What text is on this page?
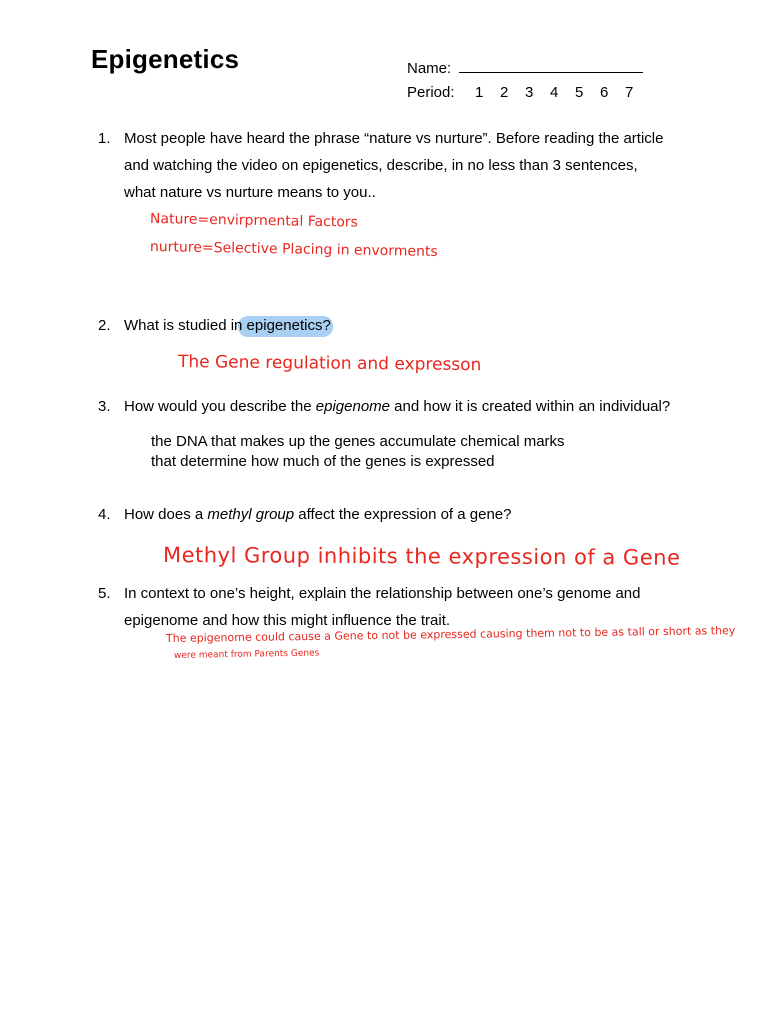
Epigenetics	Name:
Period: 1 2 3 4 5 6 7
1. Most people have heard the phrase “nature vs nurture”. Before reading the article
and watching the video on epigenetics, describe, in no less than 3 sentences,
what nature vs nurture means to you..
Nature=envirprnental Factors
nurture=Selective Placing in envorments
2. What is studied in epigenetics?
The Gene regulation and expresson
3. How would you describe the epigenome and how it is created within an individual?
the DNA that makes up the genes accumulate chemical marks that determine how much of the genes is expressed
4. How does a methyl group affect the expression of a gene?
Methyl Group inhibits the expression of a Gene
5. In context to one’s height, explain the relationship between one’s genome and
epigenome and how this might influence the trait.
The epigenome could cause a Gene to not be expressed causing them not to be as tall or short as they
were meant from Parents Genes
